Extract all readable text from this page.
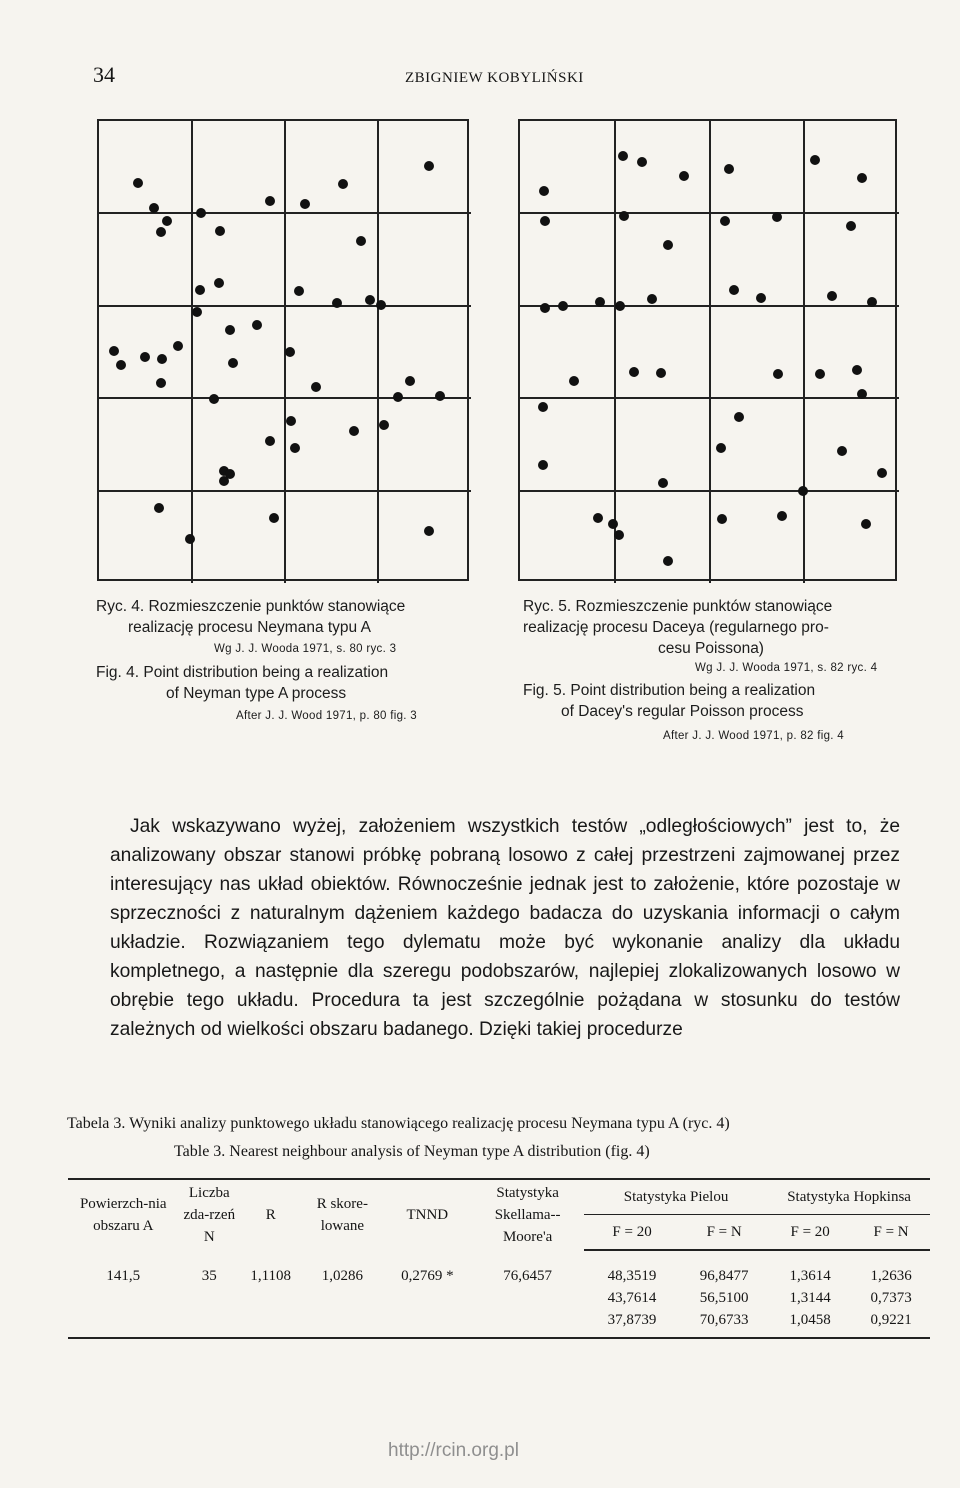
34	ZBIGNIEW KOBYLIŃSKI
Ryc. 4. Rozmieszczenie punktów stanowiące
realizację procesu Neymana typu A
Wg J. J. Wooda 1971, s. 80 ryc. 3
Fig. 4. Point distribution being a realization
of Neyman type A process
After J. J. Wood 1971, p. 80 fig. 3
Ryc. 5. Rozmieszczenie punktów stanowiące
realizację procesu Daceya (regularnego pro-
cesu Poissona)
Wg J. J. Wooda 1971, s. 82 ryc. 4
Fig. 5. Point distribution being a realization
of Dacey's regular Poisson process
After J. J. Wood 1971, p. 82 fig. 4

Jak wskazywano wyżej, założeniem wszystkich testów „odległościowych” jest to, że analizowany obszar stanowi próbkę pobraną losowo z całej przestrzeni zajmowanej przez interesujący nas układ obiektów. Równocześnie jednak jest to założenie, które pozostaje w sprzeczności z naturalnym dążeniem każdego badacza do uzyskania informacji o całym układzie. Rozwiązaniem tego dylematu może być wykonanie analizy dla układu kompletnego, a następnie dla szeregu podobszarów, najlepiej zlokalizowanych losowo w obrębie tego układu. Procedura ta jest szczególnie pożądana w stosunku do testów zależnych od wielkości obszaru badanego. Dzięki takiej procedurze

Tabela 3. Wyniki analizy punktowego układu stanowiącego realizację procesu Neymana typu A (ryc. 4)
Table 3. Nearest neighbour analysis of Neyman type A distribution (fig. 4)
Powierzch-nia obszaru A	Liczba zda-rzeń N	R	R skore-lowane	TNND	Statystyka Skellama--Moore'a	Statystyka Pielou		Statystyka Hopkinsa	
						F = 20	F = N	F = 20	F = N
141,5	35	1,1108	1,0286	0,2769 *	76,6457	48,3519	96,8477	1,3614	1,2636
						43,7614	56,5100	1,3144	0,7373
						37,8739	70,6733	1,0458	0,9221
http://rcin.org.pl
